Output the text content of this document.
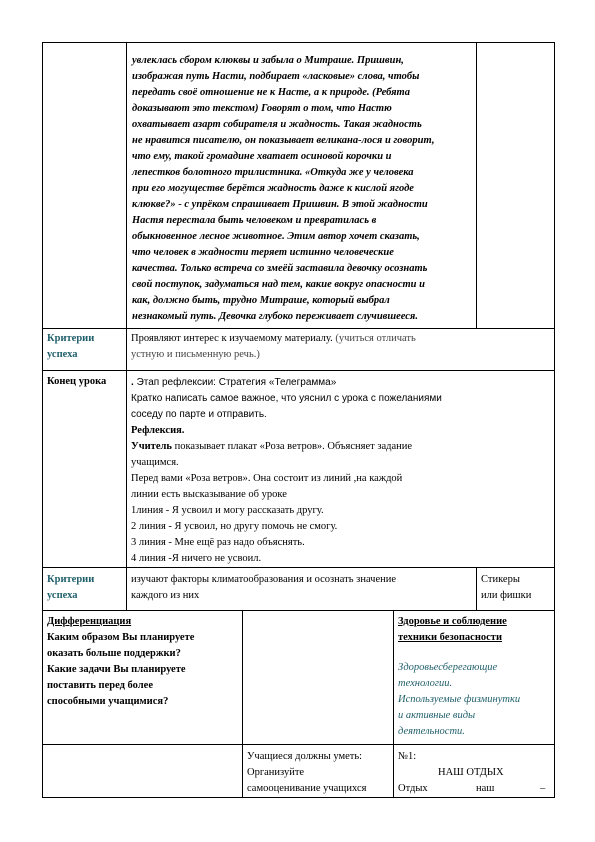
увлеклась сбором клюквы и забыла о Митраше. Пришвин,
изображая путь Насти, подбирает «ласковые» слова, чтобы
передать своё отношение не к Насте, а к природе. (Ребята
доказывают это текстом) Говорят о том, что Настю
охватывает азарт собирателя и жадность. Такая жадность
не нравится писателю, он показывает великана-лося и говорит,
что ему, такой громадине хватает осиновой корочки и
лепестков болотного трилистника. «Откуда же у человека
при его могуществе берётся жадность даже к кислой ягоде
клюкве?» - с упрёком спрашивает Пришвин. В этой жадности
Настя перестала быть человеком и превратилась в
обыкновенное лесное животное. Этим автор хочет сказать,
что человек в жадности теряет истинно человеческие
качества. Только встреча со змеёй заставила девочку осознать
свой поступок, задуматься над тем, какие вокруг опасности и
как, должно быть, трудно Митраше, который выбрал
незнакомый путь. Девочка глубоко переживает случившееся.
Критерии
успеха
Проявляют интерес к изучаемому материалу. (учиться отличать
устную и письменную речь.)
Конец урока . Этап рефлексии: Стратегия «Телеграмма»
Кратко написать самое важное, что уяснил с урока с пожеланиями
соседу по парте и отправить.
Рефлексия.
Учитель показывает плакат «Роза ветров». Объясняет задание
учащимся.
Перед вами «Роза ветров». Она состоит из линий ,на каждой
линии есть высказывание об уроке
1линия - Я усвоил и могу рассказать другу.
2 линия - Я усвоил, но другу помочь не смогу.
3 линия - Мне ещё раз надо объяснять.
4 линия -Я ничего не усвоил.
Критерии
успеха
изучают факторы климатообразования и осознать значение
каждого из них
Стикеры
или фишки
Дифференциация
Каким образом Вы планируете
оказать больше поддержки?
Какие задачи Вы планируете
поставить перед более
способными учащимися?
Здоровье и соблюдение
техники безопасности
Здоровьесберегающие
технологии.
Используемые физминутки
и активные виды
деятельности.
Учащиеся должны уметь:
Организуйте
самооценивание учащихся
№1:
НАШ ОТДЫХ
Отдых	наш	–
